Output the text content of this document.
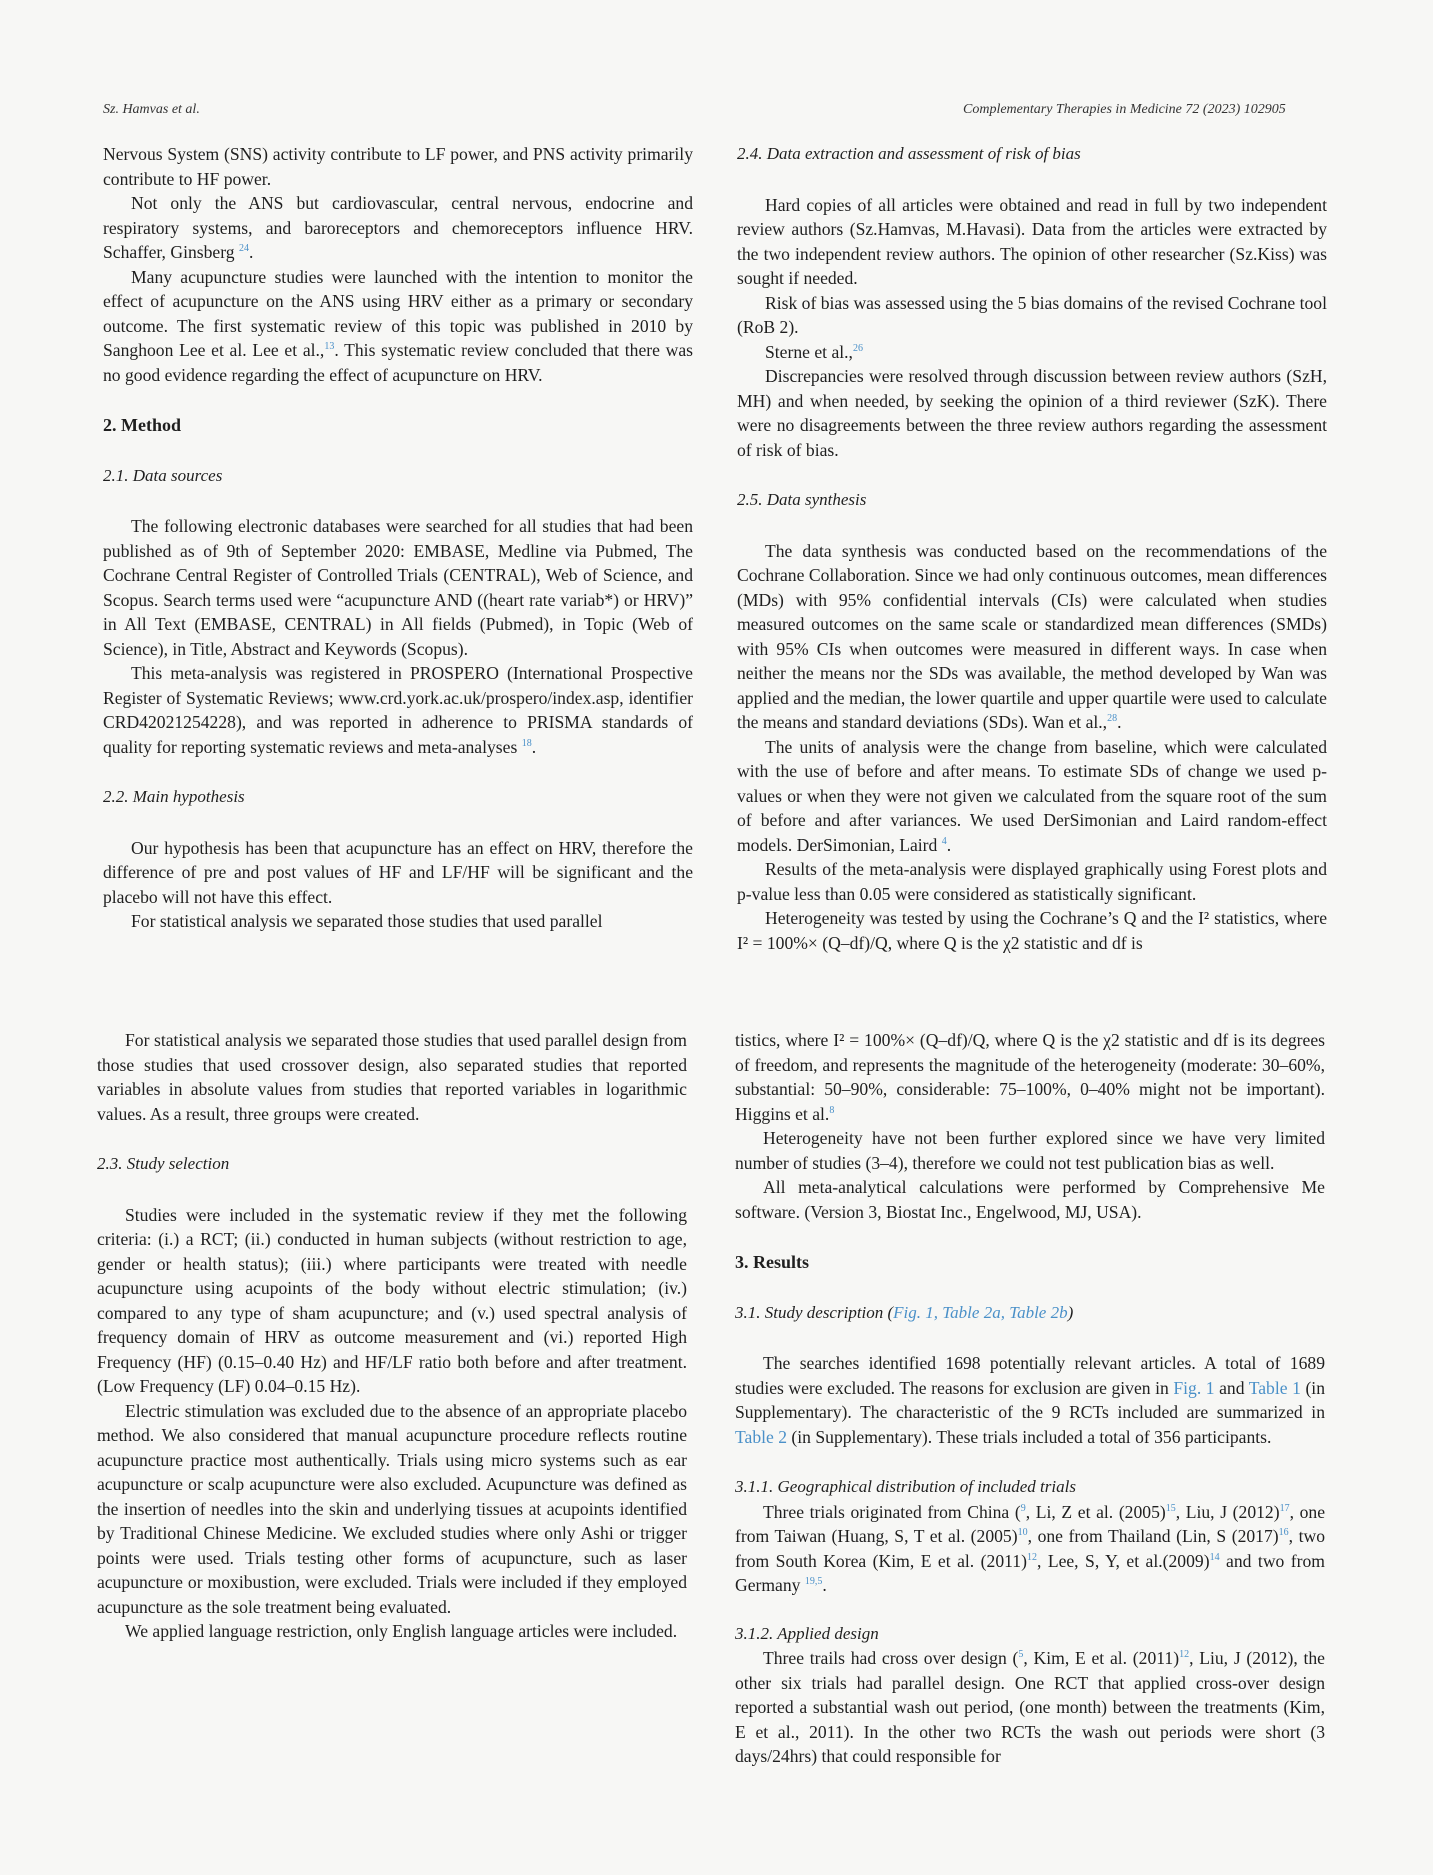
Sz. Hamvas et al.	Complementary Therapies in Medicine 72 (2023) 102905

Nervous System (SNS) activity contribute to LF power, and PNS activity primarily contribute to HF power.

Not only the ANS but cardiovascular, central nervous, endocrine and respiratory systems, and baroreceptors and chemoreceptors influence HRV. Schaffer, Ginsberg $^{24}$.

Many acupuncture studies were launched with the intention to monitor the effect of acupuncture on the ANS using HRV either as a primary or secondary outcome. The first systematic review of this topic was published in 2010 by Sanghoon Lee et al. Lee et al.,$^{13}$. This systematic review concluded that there was no good evidence regarding the effect of acupuncture on HRV.

2. Method

2.1. Data sources

The following electronic databases were searched for all studies that had been published as of 9th of September 2020: EMBASE, Medline via Pubmed, The Cochrane Central Register of Controlled Trials (CENTRAL), Web of Science, and Scopus. Search terms used were “acupuncture AND ((heart rate variab*) or HRV)” in All Text (EMBASE, CENTRAL) in All fields (Pubmed), in Topic (Web of Science), in Title, Abstract and Keywords (Scopus).

This meta-analysis was registered in PROSPERO (International Prospective Register of Systematic Reviews; www.crd.york.ac.uk/prospero/index.asp, identifier CRD42021254228), and was reported in adherence to PRISMA standards of quality for reporting systematic reviews and meta-analyses $^{18}$.

2.2. Main hypothesis

Our hypothesis has been that acupuncture has an effect on HRV, therefore the difference of pre and post values of HF and LF/HF will be significant and the placebo will not have this effect.

For statistical analysis we separated those studies that used parallel

For statistical analysis we separated those studies that used parallel design from those studies that used crossover design, also separated studies that reported variables in absolute values from studies that reported variables in logarithmic values. As a result, three groups were created.

2.3. Study selection

Studies were included in the systematic review if they met the following criteria: (i.) a RCT; (ii.) conducted in human subjects (without restriction to age, gender or health status); (iii.) where participants were treated with needle acupuncture using acupoints of the body without electric stimulation; (iv.) compared to any type of sham acupuncture; and (v.) used spectral analysis of frequency domain of HRV as outcome measurement and (vi.) reported High Frequency (HF) (0.15–0.40 Hz) and HF/LF ratio both before and after treatment. (Low Frequency (LF) 0.04–0.15 Hz).

Electric stimulation was excluded due to the absence of an appropriate placebo method. We also considered that manual acupuncture procedure reflects routine acupuncture practice most authentically. Trials using micro systems such as ear acupuncture or scalp acupuncture were also excluded. Acupuncture was defined as the insertion of needles into the skin and underlying tissues at acupoints identified by Traditional Chinese Medicine. We excluded studies where only Ashi or trigger points were used. Trials testing other forms of acupuncture, such as laser acupuncture or moxibustion, were excluded. Trials were included if they employed acupuncture as the sole treatment being evaluated.

We applied language restriction, only English language articles were included.

2.4. Data extraction and assessment of risk of bias

Hard copies of all articles were obtained and read in full by two independent review authors (Sz.Hamvas, M.Havasi). Data from the articles were extracted by the two independent review authors. The opinion of other researcher (Sz.Kiss) was sought if needed.

Risk of bias was assessed using the 5 bias domains of the revised Cochrane tool (RoB 2).

Sterne et al.,$^{26}$

Discrepancies were resolved through discussion between review authors (SzH, MH) and when needed, by seeking the opinion of a third reviewer (SzK). There were no disagreements between the three review authors regarding the assessment of risk of bias.

2.5. Data synthesis

The data synthesis was conducted based on the recommendations of the Cochrane Collaboration. Since we had only continuous outcomes, mean differences (MDs) with 95% confidential intervals (CIs) were calculated when studies measured outcomes on the same scale or standardized mean differences (SMDs) with 95% CIs when outcomes were measured in different ways. In case when neither the means nor the SDs was available, the method developed by Wan was applied and the median, the lower quartile and upper quartile were used to calculate the means and standard deviations (SDs). Wan et al.,$^{28}$.

The units of analysis were the change from baseline, which were calculated with the use of before and after means. To estimate SDs of change we used p-values or when they were not given we calculated from the square root of the sum of before and after variances. We used DerSimonian and Laird random-effect models. DerSimonian, Laird $^4$.

Results of the meta-analysis were displayed graphically using Forest plots and p-value less than 0.05 were considered as statistically significant.

Heterogeneity was tested by using the Cochrane’s Q and the I² statistics, where I² = 100%× (Q–df)/Q, where Q is the χ2 statistic and df is

tistics, where I² = 100%× (Q–df)/Q, where Q is the χ2 statistic and df is its degrees of freedom, and represents the magnitude of the heterogeneity (moderate: 30–60%, substantial: 50–90%, considerable: 75–100%, 0–40% might not be important). Higgins et al.$^8$

Heterogeneity have not been further explored since we have very limited number of studies (3–4), therefore we could not test publication bias as well.

All meta-analytical calculations were performed by Comprehensive Me software. (Version 3, Biostat Inc., Engelwood, MJ, USA).

3. Results

3.1. Study description (Fig. 1, Table 2a, Table 2b)

The searches identified 1698 potentially relevant articles. A total of 1689 studies were excluded. The reasons for exclusion are given in Fig. 1 and Table 1 (in Supplementary). The characteristic of the 9 RCTs included are summarized in Table 2 (in Supplementary). These trials included a total of 356 participants.

3.1.1. Geographical distribution of included trials

Three trials originated from China ($^9$, Li, Z et al. $(2005)^{15}$, Liu, J $(2012)^{17}$, one from Taiwan (Huang, S, T et al. $(2005)^{10}$, one from Thailand (Lin, S $(2017)^{16}$, two from South Korea (Kim, E et al. $(2011)^{12}$, Lee, S, Y, et $al.(2009)^{14}$ and two from Germany $^{19,5}$.

3.1.2. Applied design

Three trails had cross over design ($^5$, Kim, E et al. $(2011)^{12}$, Liu, J (2012), the other six trials had parallel design. One RCT that applied cross-over design reported a substantial wash out period, (one month) between the treatments (Kim, E et al., 2011). In the other two RCTs the wash out periods were short (3 days/24hrs) that could responsible for
